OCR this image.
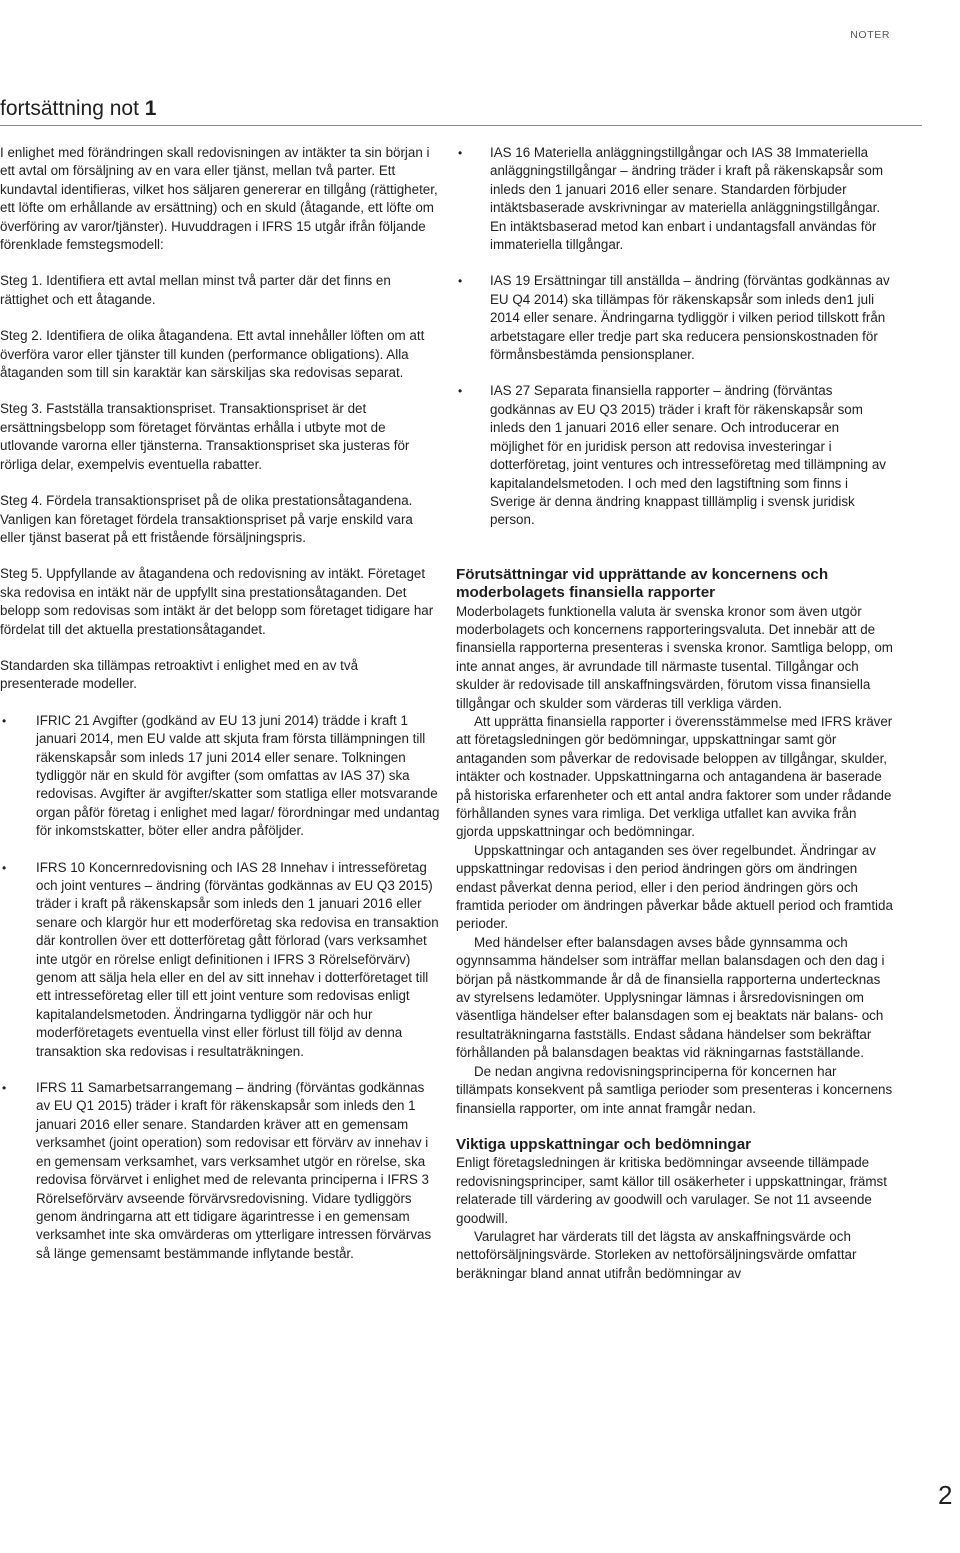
NOTER
fortsättning not 1

I enlighet med förändringen skall redovisningen av intäkter ta sin början i ett avtal om försäljning av en vara eller tjänst, mellan två parter. Ett kundavtal identifieras, vilket hos säljaren genererar en tillgång (rättigheter, ett löfte om erhållande av ersättning) och en skuld (åtagande, ett löfte om överföring av varor/tjänster). Huvuddragen i IFRS 15 utgår ifrån följande förenklade femstegsmodell:

Steg 1. Identifiera ett avtal mellan minst två parter där det finns en rättighet och ett åtagande.

Steg 2. Identifiera de olika åtagandena. Ett avtal innehåller löften om att överföra varor eller tjänster till kunden (performance obligations). Alla åtaganden som till sin karaktär kan särskiljas ska redovisas separat.

Steg 3. Fastställa transaktionspriset. Transaktionspriset är det ersättningsbelopp som företaget förväntas erhålla i utbyte mot de utlovande varorna eller tjänsterna. Transaktionspriset ska justeras för rörliga delar, exempelvis eventuella rabatter.

Steg 4. Fördela transaktionspriset på de olika prestationsåtagandena. Vanligen kan företaget fördela transaktionspriset på varje enskild vara eller tjänst baserat på ett fristående försäljningspris.

Steg 5. Uppfyllande av åtagandena och redovisning av intäkt. Företaget ska redovisa en intäkt när de uppfyllt sina prestationsåtaganden. Det belopp som redovisas som intäkt är det belopp som företaget tidigare har fördelat till det aktuella prestationsåtagandet.

Standarden ska tillämpas retroaktivt i enlighet med en av två presenterade modeller.

• IFRIC 21 Avgifter (godkänd av EU 13 juni 2014) trädde i kraft 1 januari 2014, men EU valde att skjuta fram första tillämpningen till räkenskapsår som inleds 17 juni 2014 eller senare. Tolkningen tydliggör när en skuld för avgifter (som omfattas av IAS 37) ska redovisas. Avgifter är avgifter/skatter som statliga eller motsvarande organ påför företag i enlighet med lagar/ förordningar med undantag för inkomstskatter, böter eller andra påföljder.
• IFRS 10 Koncernredovisning och IAS 28 Innehav i intresseföretag och joint ventures – ändring (förväntas godkännas av EU Q3 2015) träder i kraft på räkenskapsår som inleds den 1 januari 2016 eller senare och klargör hur ett moderföretag ska redovisa en transaktion där kontrollen över ett dotterföretag gått förlorad (vars verksamhet inte utgör en rörelse enligt definitionen i IFRS 3 Rörelseförvärv) genom att sälja hela eller en del av sitt innehav i dotterföretaget till ett intresseföretag eller till ett joint venture som redovisas enligt kapitalandelsmetoden. Ändringarna tydliggör när och hur moderföretagets eventuella vinst eller förlust till följd av denna transaktion ska redovisas i resultaträkningen.
• IFRS 11 Samarbetsarrangemang – ändring (förväntas godkännas av EU Q1 2015) träder i kraft för räkenskapsår som inleds den 1 januari 2016 eller senare. Standarden kräver att en gemensam verksamhet (joint operation) som redovisar ett förvärv av innehav i en gemensam verksamhet, vars verksamhet utgör en rörelse, ska redovisa förvärvet i enlighet med de relevanta principerna i IFRS 3 Rörelseförvärv avseende förvärvsredovisning. Vidare tydliggörs genom ändringarna att ett tidigare ägarintresse i en gemensam verksamhet inte ska omvärderas om ytterligare intressen förvärvas så länge gemensamt bestämmande inflytande består.
• IAS 16 Materiella anläggningstillgångar och IAS 38 Immateriella anläggningstillgångar – ändring träder i kraft på räkenskapsår som inleds den 1 januari 2016 eller senare. Standarden förbjuder intäktsbaserade avskrivningar av materiella anläggningstillgångar. En intäktsbaserad metod kan enbart i undantagsfall användas för immateriella tillgångar.
• IAS 19 Ersättningar till anställda – ändring (förväntas godkännas av EU Q4 2014) ska tillämpas för räkenskapsår som inleds den1 juli 2014 eller senare. Ändringarna tydliggör i vilken period tillskott från arbetstagare eller tredje part ska reducera pensionskostnaden för förmånsbestämda pensionsplaner.
• IAS 27 Separata finansiella rapporter – ändring (förväntas godkännas av EU Q3 2015) träder i kraft för räkenskapsår som inleds den 1 januari 2016 eller senare. Och introducerar en möjlighet för en juridisk person att redovisa investeringar i dotterföretag, joint ventures och intresseföretag med tillämpning av kapitalandelsmetoden. I och med den lagstiftning som finns i Sverige är denna ändring knappast tilllämplig i svensk juridisk person.
Förutsättningar vid upprättande av koncernens och moderbolagets finansiella rapporter

Moderbolagets funktionella valuta är svenska kronor som även utgör moderbolagets och koncernens rapporteringsvaluta. Det innebär att de finansiella rapporterna presenteras i svenska kronor. Samtliga belopp, om inte annat anges, är avrundade till närmaste tusental. Tillgångar och skulder är redovisade till anskaffningsvärden, förutom vissa finansiella tillgångar och skulder som värderas till verkliga värden.

Att upprätta finansiella rapporter i överensstämmelse med IFRS kräver att företagsledningen gör bedömningar, uppskattningar samt gör antaganden som påverkar de redovisade beloppen av tillgångar, skulder, intäkter och kostnader. Uppskattningarna och antagandena är baserade på historiska erfarenheter och ett antal andra faktorer som under rådande förhållanden synes vara rimliga. Det verkliga utfallet kan avvika från gjorda uppskattningar och bedömningar.

Uppskattningar och antaganden ses över regelbundet. Ändringar av uppskattningar redovisas i den period ändringen görs om ändringen endast påverkat denna period, eller i den period ändringen görs och framtida perioder om ändringen påverkar både aktuell period och framtida perioder.

Med händelser efter balansdagen avses både gynnsamma och ogynnsamma händelser som inträffar mellan balansdagen och den dag i början på nästkommande år då de finansiella rapporterna undertecknas av styrelsens ledamöter. Upplysningar lämnas i årsredovisningen om väsentliga händelser efter balansdagen som ej beaktats när balans- och resultaträkningarna fastställs. Endast sådana händelser som bekräftar förhållanden på balansdagen beaktas vid räkningarnas fastställande.

De nedan angivna redovisningsprinciperna för koncernen har tillämpats konsekvent på samtliga perioder som presenteras i koncernens finansiella rapporter, om inte annat framgår nedan.

Viktiga uppskattningar och bedömningar

Enligt företagsledningen är kritiska bedömningar avseende tillämpade redovisningsprinciper, samt källor till osäkerheter i uppskattningar, främst relaterade till värdering av goodwill och varulager. Se not 11 avseende goodwill.

Varulagret har värderats till det lägsta av anskaffningsvärde och nettoförsäljningsvärde. Storleken av nettoförsäljningsvärde omfattar beräkningar bland annat utifrån bedömningar av

2
